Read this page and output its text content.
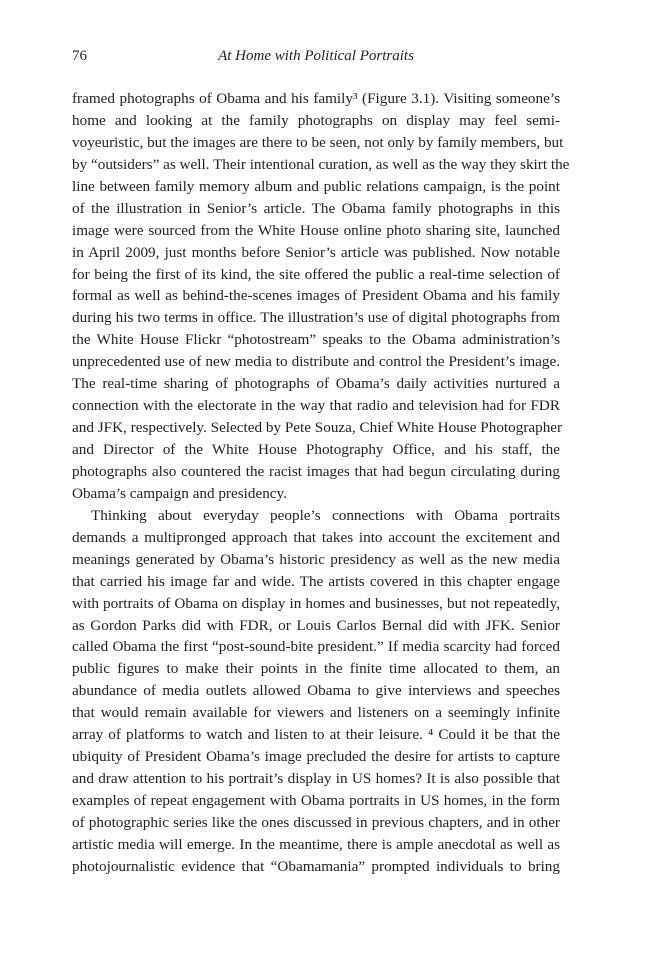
76	At Home with Political Portraits
framed photographs of Obama and his family³ (Figure 3.1). Visiting someone’s
home and looking at the family photographs on display may feel semi-
voyeuristic, but the images are there to be seen, not only by family members, but
by “outsiders” as well. Their intentional curation, as well as the way they skirt the
line between family memory album and public relations campaign, is the point
of the illustration in Senior’s article. The Obama family photographs in this
image were sourced from the White House online photo sharing site, launched
in April 2009, just months before Senior’s article was published. Now notable
for being the first of its kind, the site offered the public a real-time selection of
formal as well as behind-the-scenes images of President Obama and his family
during his two terms in office. The illustration’s use of digital photographs from
the White House Flickr “photostream” speaks to the Obama administration’s
unprecedented use of new media to distribute and control the President’s image.
The real-time sharing of photographs of Obama’s daily activities nurtured a
connection with the electorate in the way that radio and television had for FDR
and JFK, respectively. Selected by Pete Souza, Chief White House Photographer
and Director of the White House Photography Office, and his staff, the
photographs also countered the racist images that had begun circulating during
Obama’s campaign and presidency.
Thinking about everyday people’s connections with Obama portraits
demands a multipronged approach that takes into account the excitement and
meanings generated by Obama’s historic presidency as well as the new media
that carried his image far and wide. The artists covered in this chapter engage
with portraits of Obama on display in homes and businesses, but not repeatedly,
as Gordon Parks did with FDR, or Louis Carlos Bernal did with JFK. Senior
called Obama the first “post-sound-bite president.” If media scarcity had forced
public figures to make their points in the finite time allocated to them, an
abundance of media outlets allowed Obama to give interviews and speeches
that would remain available for viewers and listeners on a seemingly infinite
array of platforms to watch and listen to at their leisure. ⁴ Could it be that the
ubiquity of President Obama’s image precluded the desire for artists to capture
and draw attention to his portrait’s display in US homes? It is also possible that
examples of repeat engagement with Obama portraits in US homes, in the form
of photographic series like the ones discussed in previous chapters, and in other
artistic media will emerge. In the meantime, there is ample anecdotal as well as
photojournalistic evidence that “Obamamania” prompted individuals to bring
